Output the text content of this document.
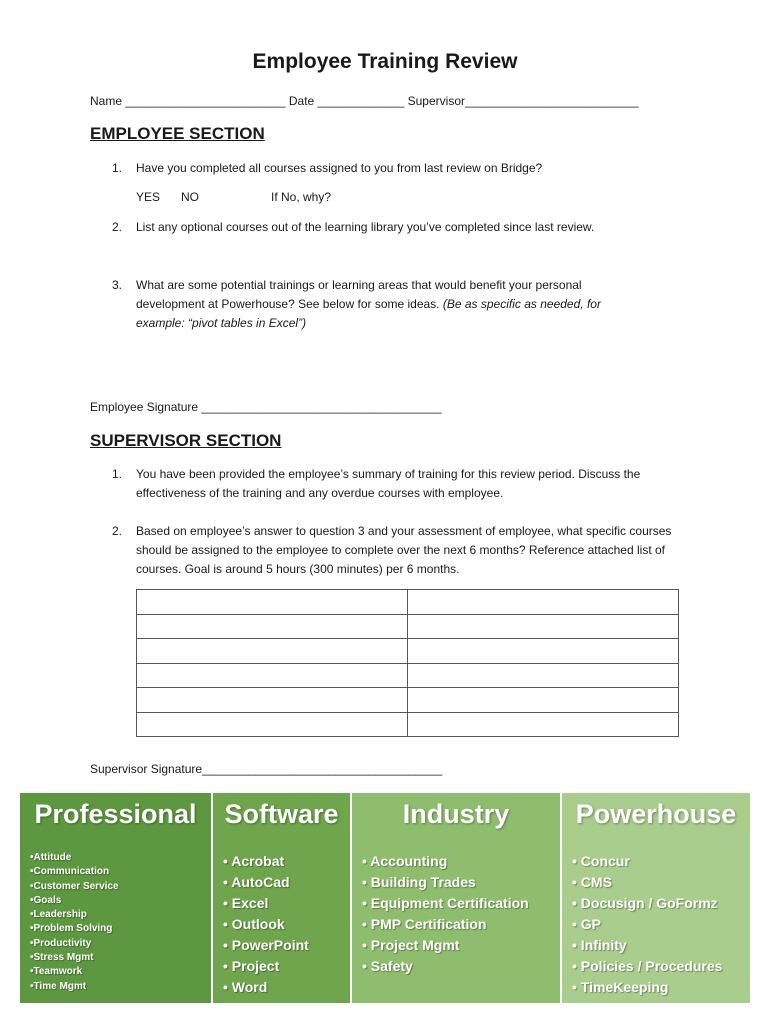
Employee Training Review
Name ________________________ Date _____________ Supervisor__________________________
EMPLOYEE SECTION
1. Have you completed all courses assigned to you from last review on Bridge?
YES NO	If No, why?
2. List any optional courses out of the learning library you’ve completed since last review.
3. What are some potential trainings or learning areas that would benefit your personal development at Powerhouse? See below for some ideas. (Be as specific as needed, for example: “pivot tables in Excel”)
Employee Signature ____________________________________
SUPERVISOR SECTION
1. You have been provided the employee’s summary of training for this review period. Discuss the effectiveness of the training and any overdue courses with employee.
2. Based on employee’s answer to question 3 and your assessment of employee, what specific courses should be assigned to the employee to complete over the next 6 months? Reference attached list of courses. Goal is around 5 hours (300 minutes) per 6 months.

Supervisor Signature____________________________________
Professional
•Attitude
•Communication
•Customer Service
•Goals
•Leadership
•Problem Solving
•Productivity
•Stress Mgmt
•Teamwork
•Time Mgmt
Software
• Acrobat
• AutoCad
• Excel
• Outlook
• PowerPoint
• Project
• Word
Industry
• Accounting
• Building Trades
• Equipment Certification
• PMP Certification
• Project Mgmt
• Safety
Powerhouse
• Concur
• CMS
• Docusign / GoFormz
• GP
• Infinity
• Policies / Procedures
• TimeKeeping
